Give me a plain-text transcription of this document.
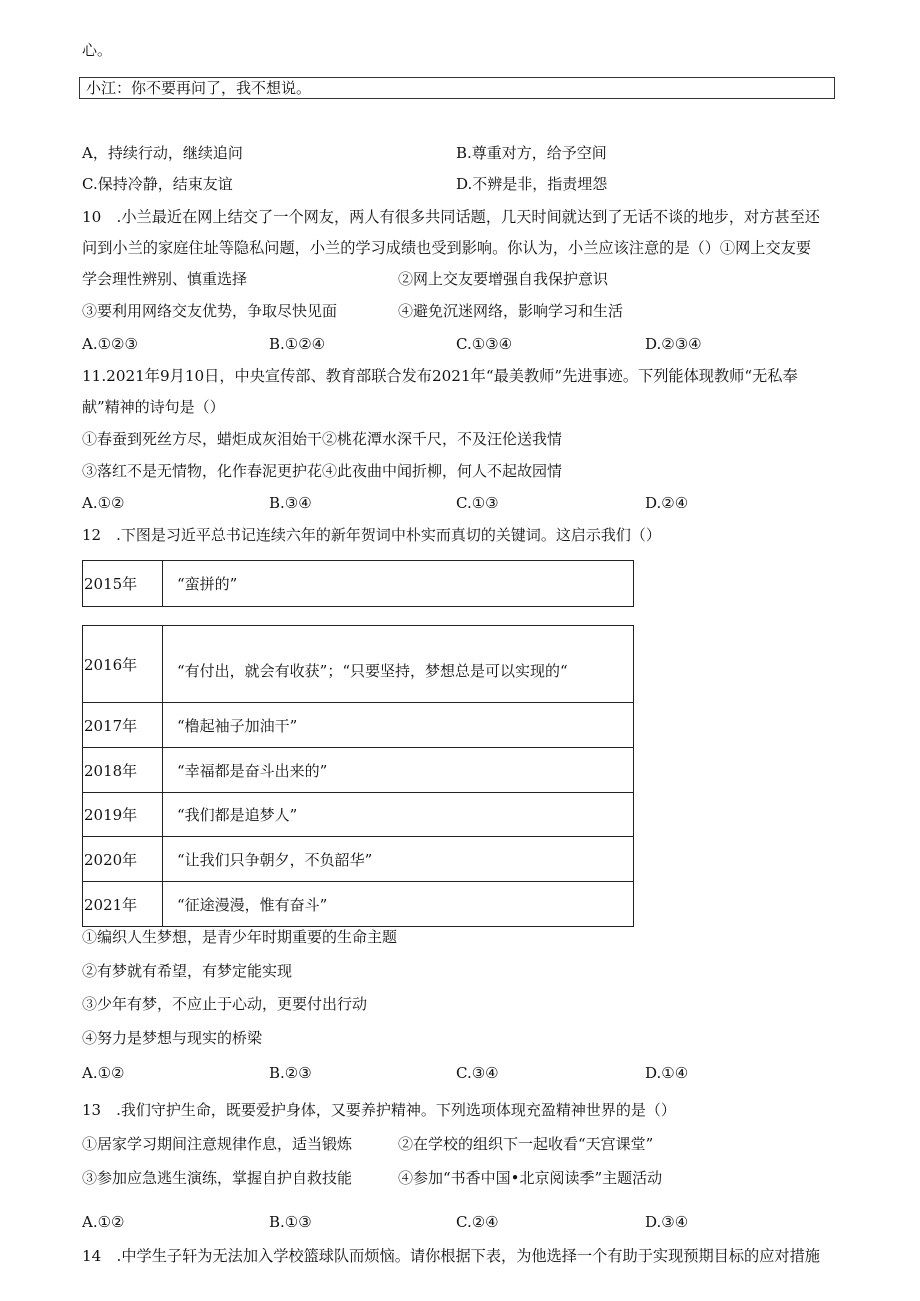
心。
小江：你不要再问了，我不想说。
A，持续行动，继续追问	B.尊重对方，给予空间
C.保持冷静，结束友谊	D.不辨是非，指责埋怨
10　.小兰最近在网上结交了一个网友，两人有很多共同话题，几天时间就达到了无话不谈的地步，对方甚至还
问到小兰的家庭住址等隐私问题，小兰的学习成绩也受到影响。你认为，小兰应该注意的是（）①网上交友要
学会理性辨别、慎重选择	②网上交友要增强自我保护意识
③要利用网络交友优势，争取尽快见面	④避免沉迷网络，影响学习和生活
A.①②③	B.①②④	C.①③④	D.②③④
11.2021年9月10日，中央宣传部、教育部联合发布2021年“最美教师”先进事迹。下列能体现教师“无私奉
献”精神的诗句是（）
①春蚕到死丝方尽，蜡炬成灰泪始干②桃花潭水深千尺，不及汪伦送我情
③落红不是无情物，化作春泥更护花④此夜曲中闻折柳，何人不起故园情
A.①②	B.③④	C.①③	D.②④
12　.下图是习近平总书记连续六年的新年贺词中朴实而真切的关键词。这启示我们（）
2015年	“蛮拼的”
2016年	“有付出，就会有收获”；“只要坚持，梦想总是可以实现的“
2017年	“橹起袖子加油干”
2018年	“幸福都是奋斗出来的”
2019年	“我们都是追梦人”
2020年	“让我们只争朝夕，不负韶华”
2021年	“征途漫漫，惟有奋斗”
①编织人生梦想，是青少年时期重要的生命主题
②有梦就有希望，有梦定能实现
③少年有梦，不应止于心动，更要付出行动
④努力是梦想与现实的桥梁
A.①②	B.②③	C.③④	D.①④
13　.我们守护生命，既要爱护身体，又要养护精神。下列选项体现充盈精神世界的是（）
①居家学习期间注意规律作息，适当锻炼	②在学校的组织下一起收看“天宫课堂”
③参加应急逃生演练，掌握自护自救技能	④参加“书香中国•北京阅读季”主题活动
A.①②	B.①③	C.②④	D.③④
14　.中学生子轩为无法加入学校篮球队而烦恼。请你根据下表，为他选择一个有助于实现预期目标的应对措施
